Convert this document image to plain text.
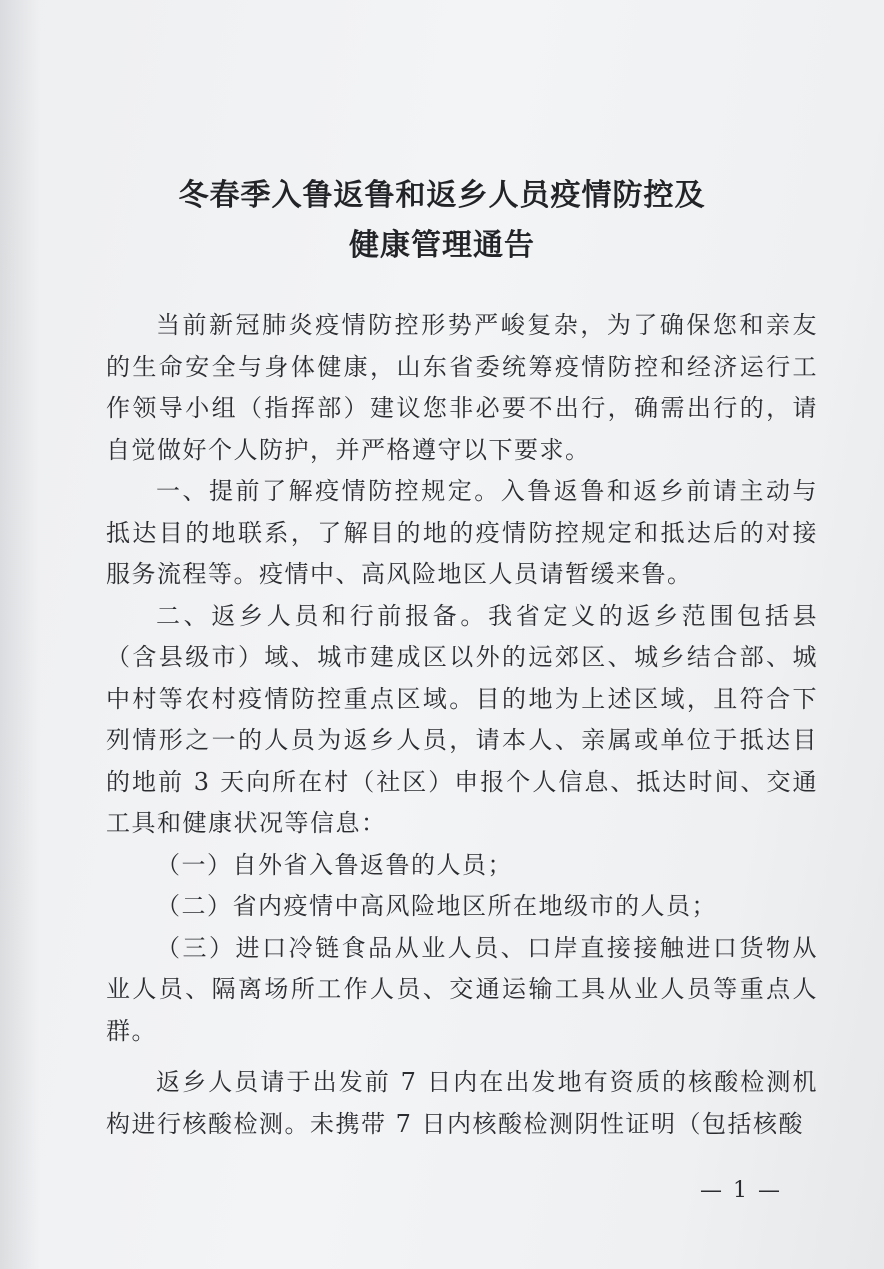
冬春季入鲁返鲁和返乡人员疫情防控及
健康管理通告

当前新冠肺炎疫情防控形势严峻复杂，为了确保您和亲友的生命安全与身体健康，山东省委统筹疫情防控和经济运行工作领导小组（指挥部）建议您非必要不出行，确需出行的，请自觉做好个人防护，并严格遵守以下要求。

一、提前了解疫情防控规定。入鲁返鲁和返乡前请主动与抵达目的地联系，了解目的地的疫情防控规定和抵达后的对接服务流程等。疫情中、高风险地区人员请暂缓来鲁。

二、返乡人员和行前报备。我省定义的返乡范围包括县（含县级市）域、城市建成区以外的远郊区、城乡结合部、城中村等农村疫情防控重点区域。目的地为上述区域，且符合下列情形之一的人员为返乡人员，请本人、亲属或单位于抵达目的地前 3 天向所在村（社区）申报个人信息、抵达时间、交通工具和健康状况等信息：

（一）自外省入鲁返鲁的人员；

（二）省内疫情中高风险地区所在地级市的人员；

（三）进口冷链食品从业人员、口岸直接接触进口货物从业人员、隔离场所工作人员、交通运输工具从业人员等重点人群。

返乡人员请于出发前 7 日内在出发地有资质的核酸检测机构进行核酸检测。未携带 7 日内核酸检测阴性证明（包括核酸

— 1 —
